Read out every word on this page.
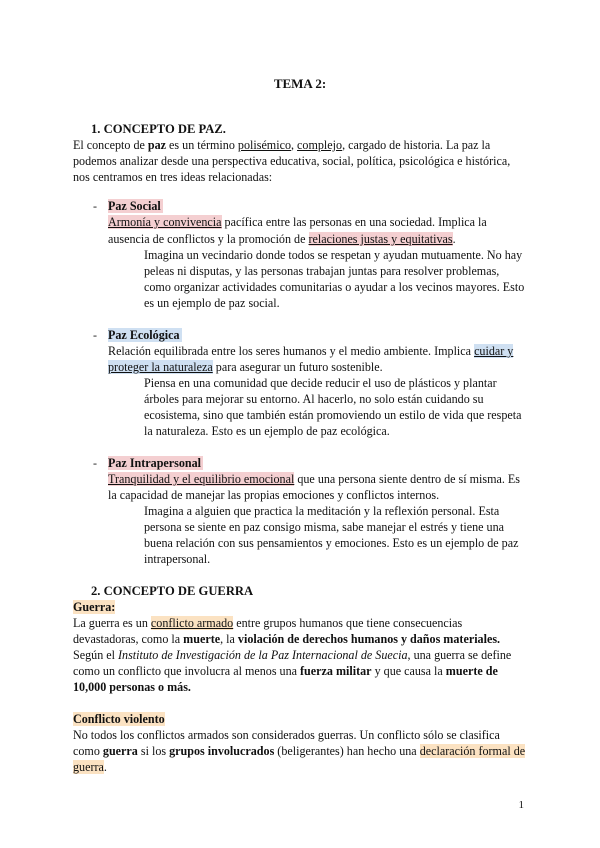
TEMA 2:
1. CONCEPTO DE PAZ.
El concepto de paz es un término polisémico, complejo, cargado de historia. La paz la
podemos analizar desde una perspectiva educativa, social, política, psicológica e histórica,
nos centramos en tres ideas relacionadas:
- Paz Social
Armonía y convivencia pacífica entre las personas en una sociedad. Implica la
ausencia de conflictos y la promoción de relaciones justas y equitativas.
Imagina un vecindario donde todos se respetan y ayudan mutuamente. No hay
peleas ni disputas, y las personas trabajan juntas para resolver problemas,
como organizar actividades comunitarias o ayudar a los vecinos mayores. Esto
es un ejemplo de paz social.
- Paz Ecológica
Relación equilibrada entre los seres humanos y el medio ambiente. Implica cuidar y
proteger la naturaleza para asegurar un futuro sostenible.
Piensa en una comunidad que decide reducir el uso de plásticos y plantar
árboles para mejorar su entorno. Al hacerlo, no solo están cuidando su
ecosistema, sino que también están promoviendo un estilo de vida que respeta
la naturaleza. Esto es un ejemplo de paz ecológica.
- Paz Intrapersonal
Tranquilidad y el equilibrio emocional que una persona siente dentro de sí misma. Es
la capacidad de manejar las propias emociones y conflictos internos.
Imagina a alguien que practica la meditación y la reflexión personal. Esta
persona se siente en paz consigo misma, sabe manejar el estrés y tiene una
buena relación con sus pensamientos y emociones. Esto es un ejemplo de paz
intrapersonal.
2. CONCEPTO DE GUERRA
Guerra:
La guerra es un conflicto armado entre grupos humanos que tiene consecuencias
devastadoras, como la muerte, la violación de derechos humanos y daños materiales.
Según el Instituto de Investigación de la Paz Internacional de Suecia, una guerra se define
como un conflicto que involucra al menos una fuerza militar y que causa la muerte de
10,000 personas o más.
Conflicto violento
No todos los conflictos armados son considerados guerras. Un conflicto sólo se clasifica
como guerra si los grupos involucrados (beligerantes) han hecho una declaración formal de
guerra.
1
